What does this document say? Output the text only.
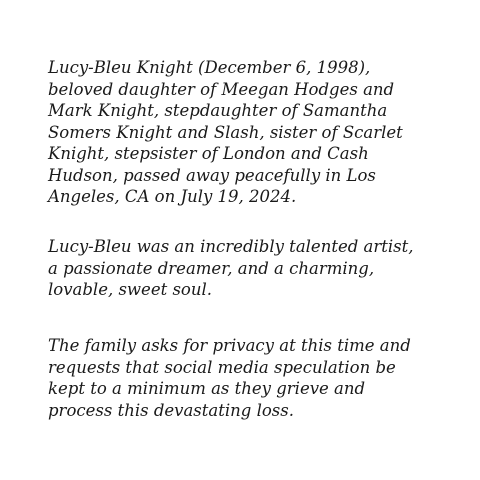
Lucy-Bleu Knight (December 6, 1998),
beloved daughter of Meegan Hodges and
Mark Knight, stepdaughter of Samantha
Somers Knight and Slash, sister of Scarlet
Knight, stepsister of London and Cash
Hudson, passed away peacefully in Los
Angeles, CA on July 19, 2024.
Lucy-Bleu was an incredibly talented artist,
a passionate dreamer, and a charming,
lovable, sweet soul.
The family asks for privacy at this time and
requests that social media speculation be
kept to a minimum as they grieve and
process this devastating loss.
